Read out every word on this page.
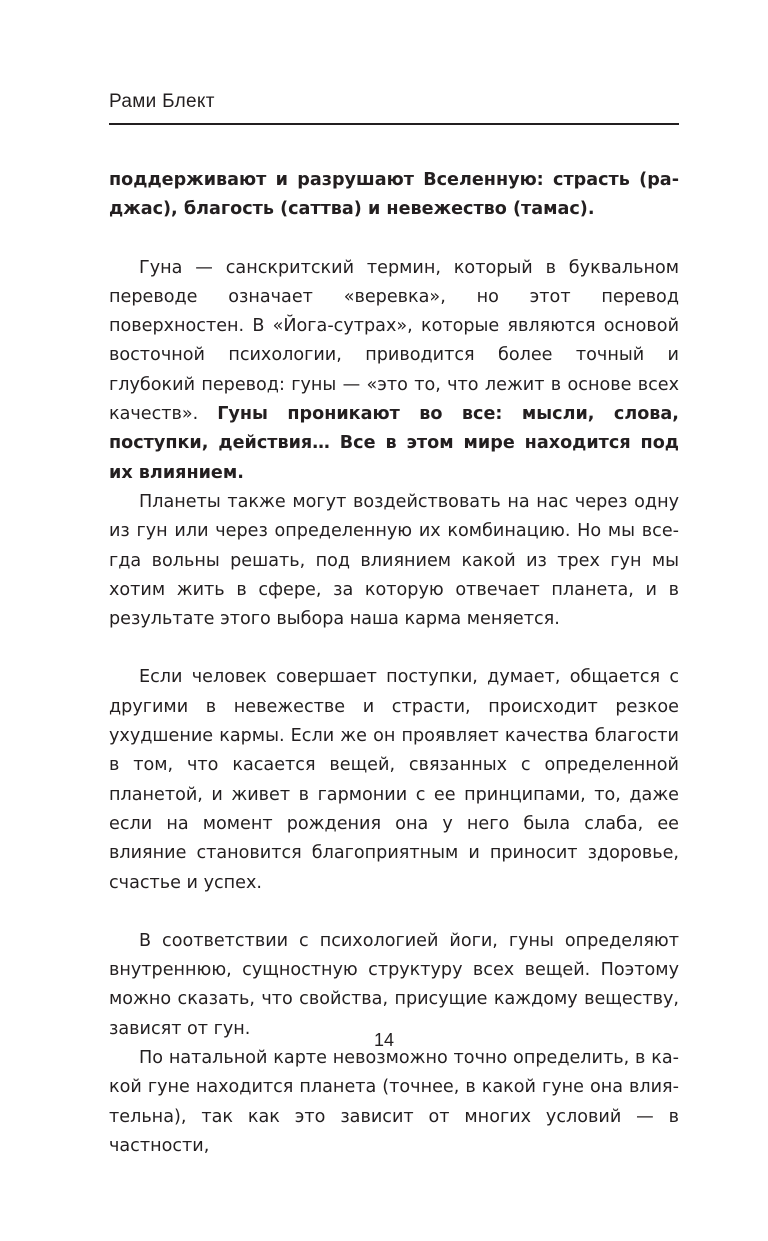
Рами Блект

поддерживают и разрушают Вселенную: страсть (раджас), благость (саттва) и невежество (тамас).

Гуна — санскритский термин, который в буквальном переводе означает «веревка», но этот перевод поверхностен. В «Йога-сутрах», которые являются основой восточной психологии, приводится более точный и глубокий перевод: гуны — «это то, что лежит в основе всех качеств». Гуны проникают во все: мысли, слова, поступки, действия… Все в этом мире находится под их влиянием.

Планеты также могут воздействовать на нас через одну из гун или через определенную их комбинацию. Но мы всегда вольны решать, под влиянием какой из трех гун мы хотим жить в сфере, за которую отвечает планета, и в результате этого выбора наша карма меняется.

Если человек совершает поступки, думает, общается с другими в невежестве и страсти, происходит резкое ухудшение кармы. Если же он проявляет качества благости в том, что касается вещей, связанных с определенной планетой, и живет в гармонии с ее принципами, то, даже если на момент рождения она у него была слаба, ее влияние становится благоприятным и приносит здоровье, счастье и успех.

В соответствии с психологией йоги, гуны определяют внутреннюю, сущностную структуру всех вещей. Поэтому можно сказать, что свойства, присущие каждому веществу, зависят от гун.

По натальной карте невозможно точно определить, в какой гуне находится планета (точнее, в какой гуне она влиятельна), так как это зависит от многих условий — в частности,

14
